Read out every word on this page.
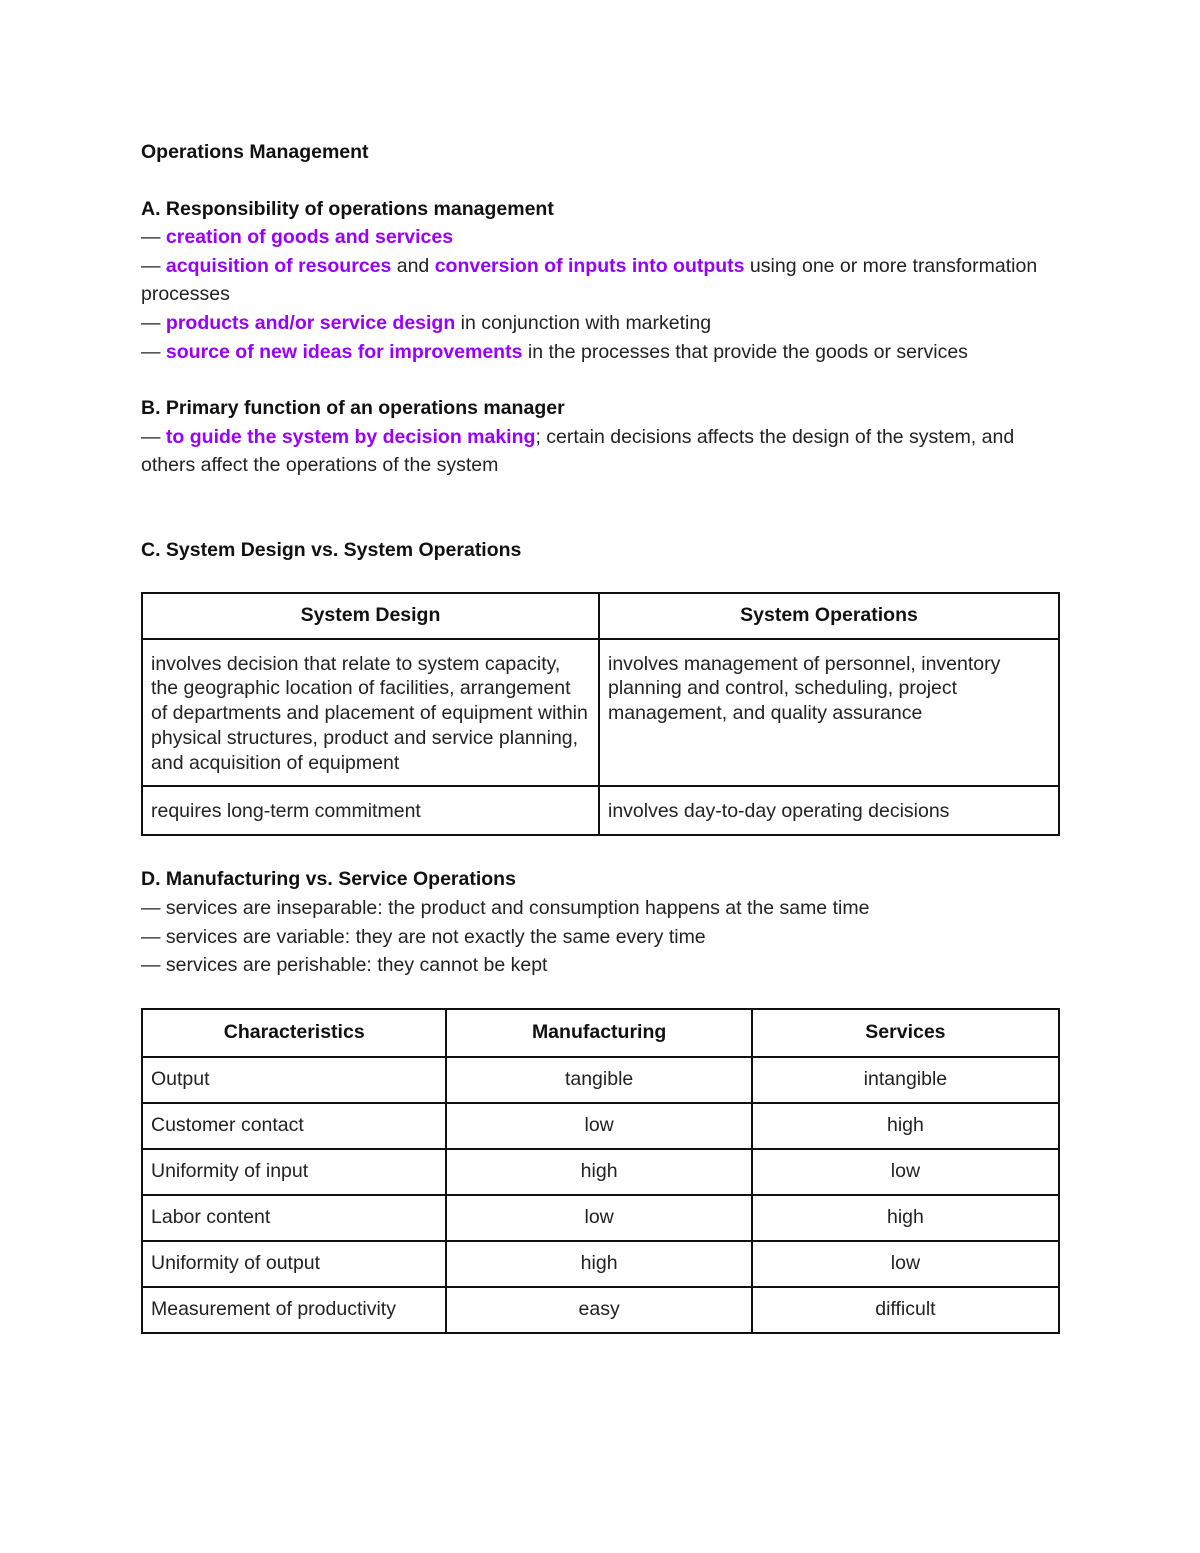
Operations Management

A. Responsibility of operations management

— creation of goods and services

— acquisition of resources and conversion of inputs into outputs using one or more transformation processes

— products and/or service design in conjunction with marketing

— source of new ideas for improvements in the processes that provide the goods or services

B. Primary function of an operations manager

— to guide the system by decision making; certain decisions affects the design of the system, and others affect the operations of the system

C. System Design vs. System Operations

System Design	System Operations
involves decision that relate to system capacity, the geographic location of facilities, arrangement of departments and placement of equipment within physical structures, product and service planning, and acquisition of equipment	involves management of personnel, inventory planning and control, scheduling, project management, and quality assurance
requires long-term commitment	involves day-to-day operating decisions

D. Manufacturing vs. Service Operations

— services are inseparable: the product and consumption happens at the same time

— services are variable: they are not exactly the same every time

— services are perishable: they cannot be kept

Characteristics	Manufacturing	Services
Output	tangible	intangible
Customer contact	low	high
Uniformity of input	high	low
Labor content	low	high
Uniformity of output	high	low
Measurement of productivity	easy	difficult
